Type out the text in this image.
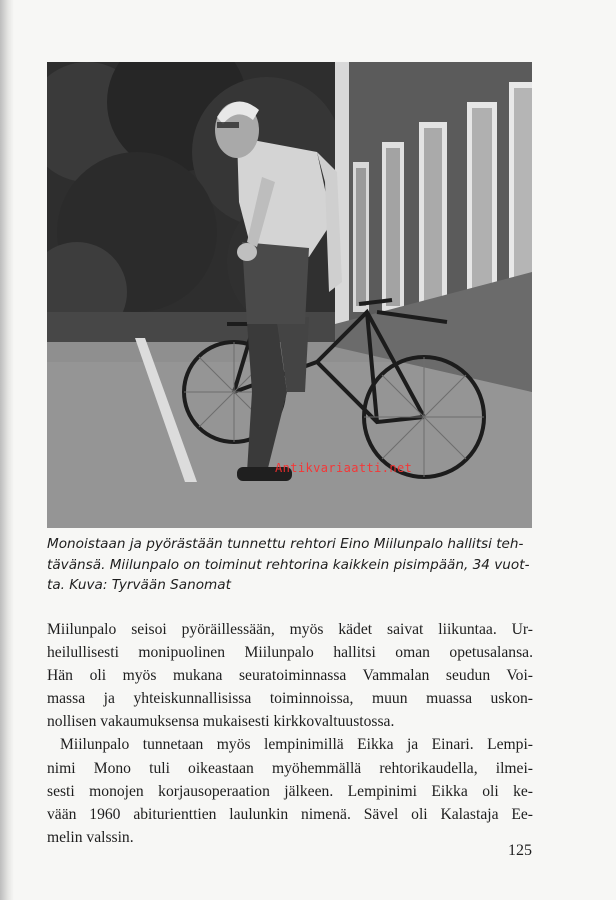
Antikvariaatti.net

Monoistaan ja pyörästään tunnettu rehtori Eino Miilunpalo hallitsi teh-
tävänsä. Miilunpalo on toiminut rehtorina kaikkein pisimpään, 34 vuot-
ta. Kuva: Tyrvään Sanomat

Miilunpalo seisoi pyöräillessään, myös kädet saivat liikuntaa. Ur-
heilullisesti monipuolinen Miilunpalo hallitsi oman opetusalansa.
Hän oli myös mukana seuratoiminnassa Vammalan seudun Voi-
massa ja yhteiskunnallisissa toiminnoissa, muun muassa uskon-
nollisen vakaumuksensa mukaisesti kirkkovaltuustossa.

Miilunpalo tunnetaan myös lempinimillä Eikka ja Einari. Lempi-
nimi Mono tuli oikeastaan myöhemmällä rehtorikaudella, ilmei-
sesti monojen korjausoperaation jälkeen. Lempinimi Eikka oli ke-
vään 1960 abiturienttien laulunkin nimenä. Sävel oli Kalastaja Ee-
melin valssin.

125
